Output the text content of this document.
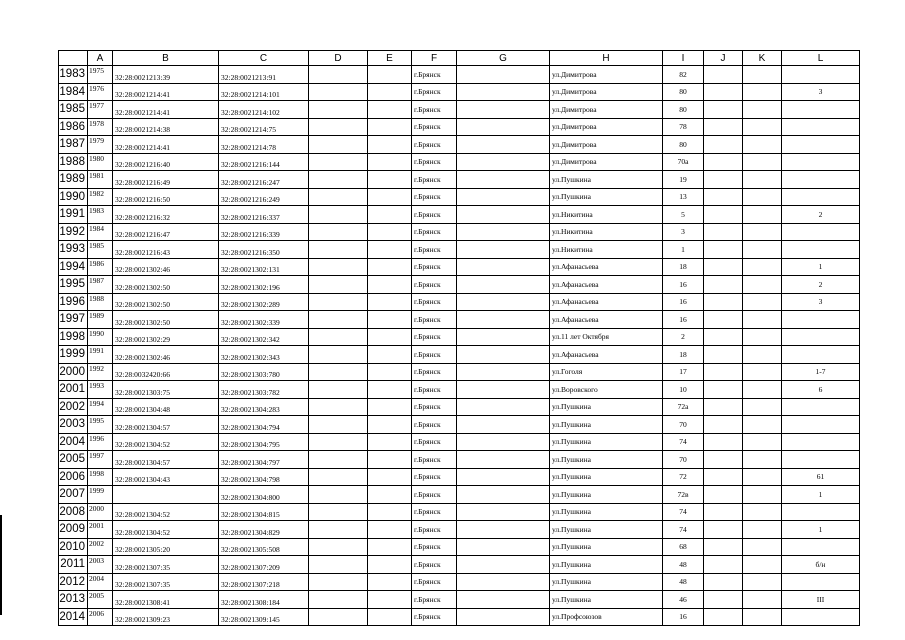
	A	B	C	D	E	F	G	H	I	J	K	L
1983	1975	32:28:0021213:39	32:28:0021213:91			г.Брянск		ул.Димитрова	82			
1984	1976	32:28:0021214:41	32:28:0021214:101			г.Брянск		ул.Димитрова	80			3
1985	1977	32:28:0021214:41	32:28:0021214:102			г.Брянск		ул.Димитрова	80			
1986	1978	32:28:0021214:38	32:28:0021214:75			г.Брянск		ул.Димитрова	78			
1987	1979	32:28:0021214:41	32:28:0021214:78			г.Брянск		ул.Димитрова	80			
1988	1980	32:28:0021216:40	32:28:0021216:144			г.Брянск		ул.Димитрова	70а			
1989	1981	32:28:0021216:49	32:28:0021216:247			г.Брянск		ул.Пушкина	19			
1990	1982	32:28:0021216:50	32:28:0021216:249			г.Брянск		ул.Пушкина	13			
1991	1983	32:28:0021216:32	32:28:0021216:337			г.Брянск		ул.Никитина	5			2
1992	1984	32:28:0021216:47	32:28:0021216:339			г.Брянск		ул.Никитина	3			
1993	1985	32:28:0021216:43	32:28:0021216:350			г.Брянск		ул.Никитина	1			
1994	1986	32:28:0021302:46	32:28:0021302:131			г.Брянск		ул.Афанасьева	18			1
1995	1987	32:28:0021302:50	32:28:0021302:196			г.Брянск		ул.Афанасьева	16			2
1996	1988	32:28:0021302:50	32:28:0021302:289			г.Брянск		ул.Афанасьева	16			3
1997	1989	32:28:0021302:50	32:28:0021302:339			г.Брянск		ул.Афанасьева	16			
1998	1990	32:28:0021302:29	32:28:0021302:342			г.Брянск		ул.11 лет Октября	2			
1999	1991	32:28:0021302:46	32:28:0021302:343			г.Брянск		ул.Афанасьева	18			
2000	1992	32:28:0032420:66	32:28:0021303:780			г.Брянск		ул.Гоголя	17			1-7
2001	1993	32:28:0021303:75	32:28:0021303:782			г.Брянск		ул.Воровского	10			6
2002	1994	32:28:0021304:48	32:28:0021304:283			г.Брянск		ул.Пушкина	72а			
2003	1995	32:28:0021304:57	32:28:0021304:794			г.Брянск		ул.Пушкина	70			
2004	1996	32:28:0021304:52	32:28:0021304:795			г.Брянск		ул.Пушкина	74			
2005	1997	32:28:0021304:57	32:28:0021304:797			г.Брянск		ул.Пушкина	70			
2006	1998	32:28:0021304:43	32:28:0021304:798			г.Брянск		ул.Пушкина	72			61
2007	1999		32:28:0021304:800			г.Брянск		ул.Пушкина	72в			1
2008	2000	32:28:0021304:52	32:28:0021304:815			г.Брянск		ул.Пушкина	74			
2009	2001	32:28:0021304:52	32:28:0021304:829			г.Брянск		ул.Пушкина	74			1
2010	2002	32:28:0021305:20	32:28:0021305:508			г.Брянск		ул.Пушкина	68			
2011	2003	32:28:0021307:35	32:28:0021307:209			г.Брянск		ул.Пушкина	48			б/н
2012	2004	32:28:0021307:35	32:28:0021307:218			г.Брянск		ул.Пушкина	48			
2013	2005	32:28:0021308:41	32:28:0021308:184			г.Брянск		ул.Пушкина	46			III
2014	2006	32:28:0021309:23	32:28:0021309:145			г.Брянск		ул.Профсоюзов	16			
